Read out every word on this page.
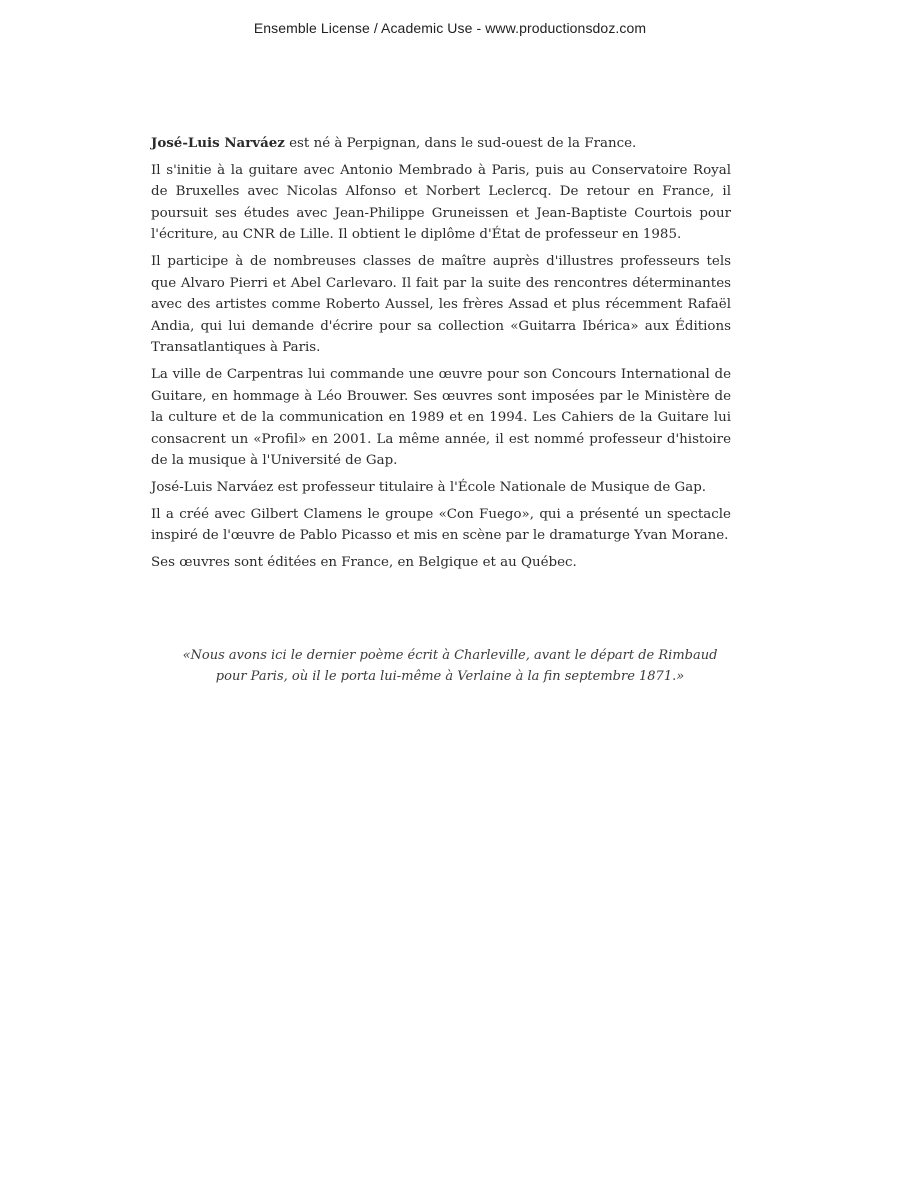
Ensemble License / Academic Use - www.productionsdoz.com

José-Luis Narváez est né à Perpignan, dans le sud-ouest de la France.

Il s'initie à la guitare avec Antonio Membrado à Paris, puis au Conservatoire Royal de Bruxelles avec Nicolas Alfonso et Norbert Leclercq. De retour en France, il poursuit ses études avec Jean-Philippe Gruneissen et Jean-Baptiste Courtois pour l'écriture, au CNR de Lille. Il obtient le diplôme d'État de professeur en 1985.

Il participe à de nombreuses classes de maître auprès d'illustres professeurs tels que Alvaro Pierri et Abel Carlevaro. Il fait par la suite des rencontres déterminantes avec des artistes comme Roberto Aussel, les frères Assad et plus récemment Rafaël Andia, qui lui demande d'écrire pour sa collection «Guitarra Ibérica» aux Éditions Transatlantiques à Paris.

La ville de Carpentras lui commande une œuvre pour son Concours International de Guitare, en hommage à Léo Brouwer. Ses œuvres sont imposées par le Ministère de la culture et de la communication en 1989 et en 1994. Les Cahiers de la Guitare lui consacrent un «Profil» en 2001. La même année, il est nommé professeur d'histoire de la musique à l'Université de Gap.

José-Luis Narváez est professeur titulaire à l'École Nationale de Musique de Gap.

Il a créé avec Gilbert Clamens le groupe «Con Fuego», qui a présenté un spectacle inspiré de l'œuvre de Pablo Picasso et mis en scène par le dramaturge Yvan Morane.

Ses œuvres sont éditées en France, en Belgique et au Québec.

«Nous avons ici le dernier poème écrit à Charleville, avant le départ de Rimbaud
pour Paris, où il le porta lui-même à Verlaine à la fin septembre 1871.»
